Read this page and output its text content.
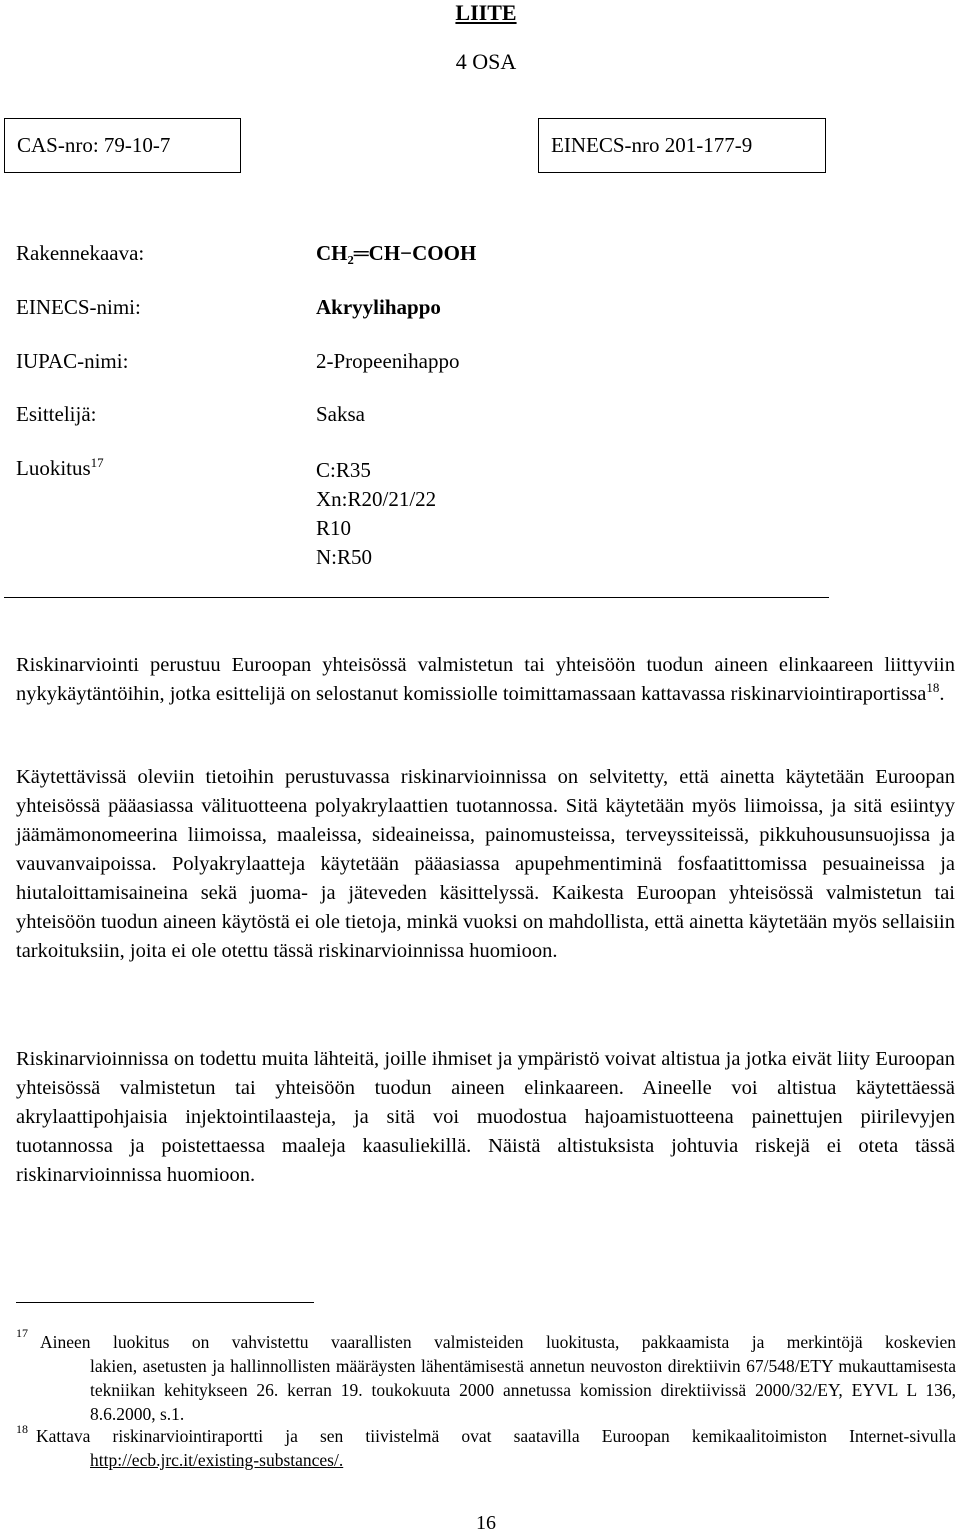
LIITE
4 OSA
CAS-nro: 79-10-7	EINECS-nro 201-177-9
Rakennekaava:	CH₂═CH−COOH
EINECS-nimi:	Akryylihappo
IUPAC-nimi:	2-Propeenihappo
Esittelijä:	Saksa
Luokitus$^{17}$	C:R35
Xn:R20/21/22
R10
N:R50
Riskinarviointi perustuu Euroopan yhteisössä valmistetun tai yhteisöön tuodun aineen elinkaareen liittyviin nykykäytäntöihin, jotka esittelijä on selostanut komissiolle toimittamassaan kattavassa riskinarviointiraportissa$^{18}$.
Käytettävissä oleviin tietoihin perustuvassa riskinarvioinnissa on selvitetty, että ainetta käytetään Euroopan yhteisössä pääasiassa välituotteena polyakrylaattien tuotannossa. Sitä käytetään myös liimoissa, ja sitä esiintyy jäämämonomeerina liimoissa, maaleissa, sideaineissa, painomusteissa, terveyssiteissä, pikkuhousunsuojissa ja vauvanvaipoissa. Polyakrylaatteja käytetään pääasiassa apupehmentiminä fosfaatittomissa pesuaineissa ja hiutaloittamisaineina sekä juoma- ja jäteveden käsittelyssä. Kaikesta Euroopan yhteisössä valmistetun tai yhteisöön tuodun aineen käytöstä ei ole tietoja, minkä vuoksi on mahdollista, että ainetta käytetään myös sellaisiin tarkoituksiin, joita ei ole otettu tässä riskinarvioinnissa huomioon.
Riskinarvioinnissa on todettu muita lähteitä, joille ihmiset ja ympäristö voivat altistua ja jotka eivät liity Euroopan yhteisössä valmistetun tai yhteisöön tuodun aineen elinkaareen. Aineelle voi altistua käytettäessä akrylaattipohjaisia injektointilaasteja, ja sitä voi muodostua hajoamistuotteena painettujen piirilevyjen tuotannossa ja poistettaessa maaleja kaasuliekillä. Näistä altistuksista johtuvia riskejä ei oteta tässä riskinarvioinnissa huomioon.
17 Aineen luokitus on vahvistettu vaarallisten valmisteiden luokitusta, pakkaamista ja merkintöjä koskevien
lakien, asetusten ja hallinnollisten määräysten lähentämisestä annetun neuvoston direktiivin 67/548/ETY mukauttamisesta tekniikan kehitykseen 26. kerran 19. toukokuuta 2000 annetussa komission direktiivissä 2000/32/EY, EYVL L 136, 8.6.2000, s.1.
18 Kattava riskinarviointiraportti ja sen tiivistelmä ovat saatavilla Euroopan kemikaalitoimiston Internet-sivulla
http://ecb.jrc.it/existing-substances/.
16
